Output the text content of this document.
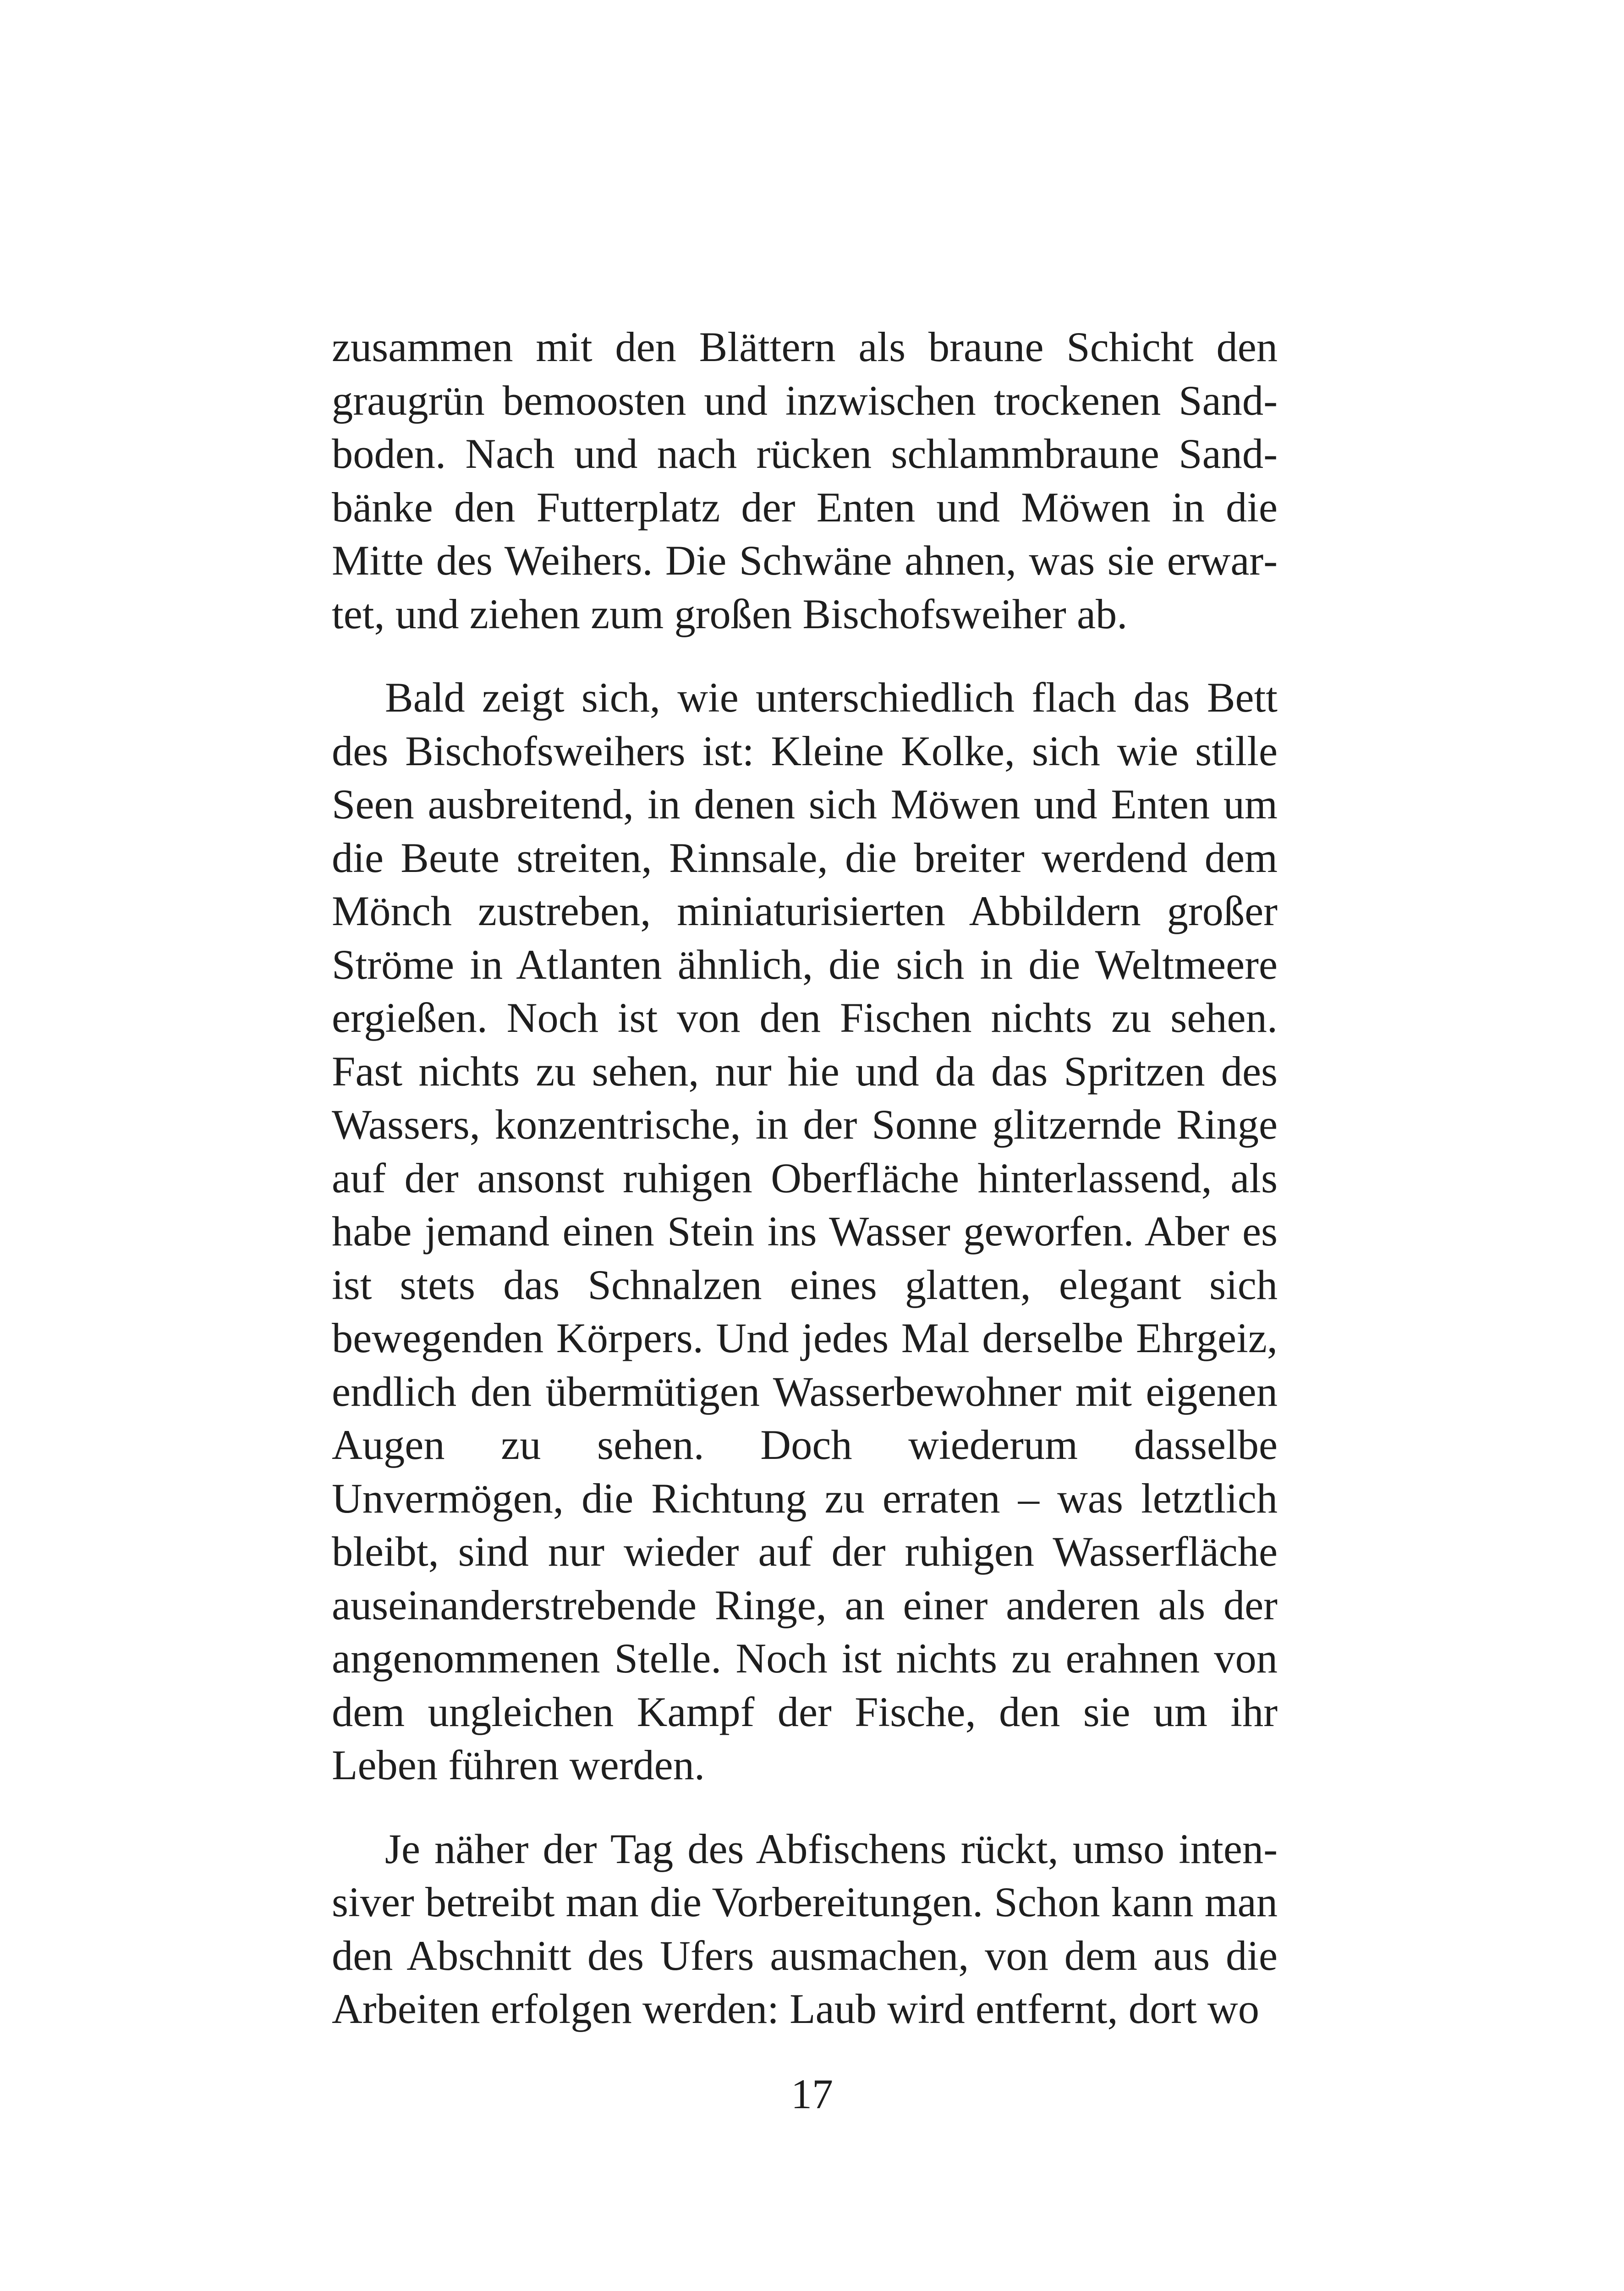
zusammen mit den Blättern als braune Schicht den graugrün bemoosten und inzwischen trockenen Sandboden. Nach und nach rücken schlammbraune Sandbänke den Futterplatz der Enten und Möwen in die Mitte des Weihers. Die Schwäne ahnen, was sie erwartet, und ziehen zum großen Bischofsweiher ab.

Bald zeigt sich, wie unterschiedlich flach das Bett des Bischofsweihers ist: Kleine Kolke, sich wie stille Seen ausbreitend, in denen sich Möwen und Enten um die Beute streiten, Rinnsale, die breiter werdend dem Mönch zustreben, miniaturisierten Abbildern großer Ströme in Atlanten ähnlich, die sich in die Weltmeere ergießen. Noch ist von den Fischen nichts zu sehen. Fast nichts zu sehen, nur hie und da das Spritzen des Wassers, konzentrische, in der Sonne glitzernde Ringe auf der ansonst ruhigen Oberfläche hinterlassend, als habe jemand einen Stein ins Wasser geworfen. Aber es ist stets das Schnalzen eines glatten, elegant sich bewegenden Körpers. Und jedes Mal derselbe Ehrgeiz, endlich den übermütigen Wasserbewohner mit eigenen Augen zu sehen. Doch wiederum dasselbe Unvermögen, die Richtung zu erraten – was letztlich bleibt, sind nur wieder auf der ruhigen Wasserfläche auseinanderstrebende Ringe, an einer anderen als der angenommenen Stelle. Noch ist nichts zu erahnen von dem ungleichen Kampf der Fische, den sie um ihr Leben führen werden.

Je näher der Tag des Abfischens rückt, umso intensiver betreibt man die Vorbereitungen. Schon kann man den Abschnitt des Ufers ausmachen, von dem aus die Arbeiten erfolgen werden: Laub wird entfernt, dort wo

17
